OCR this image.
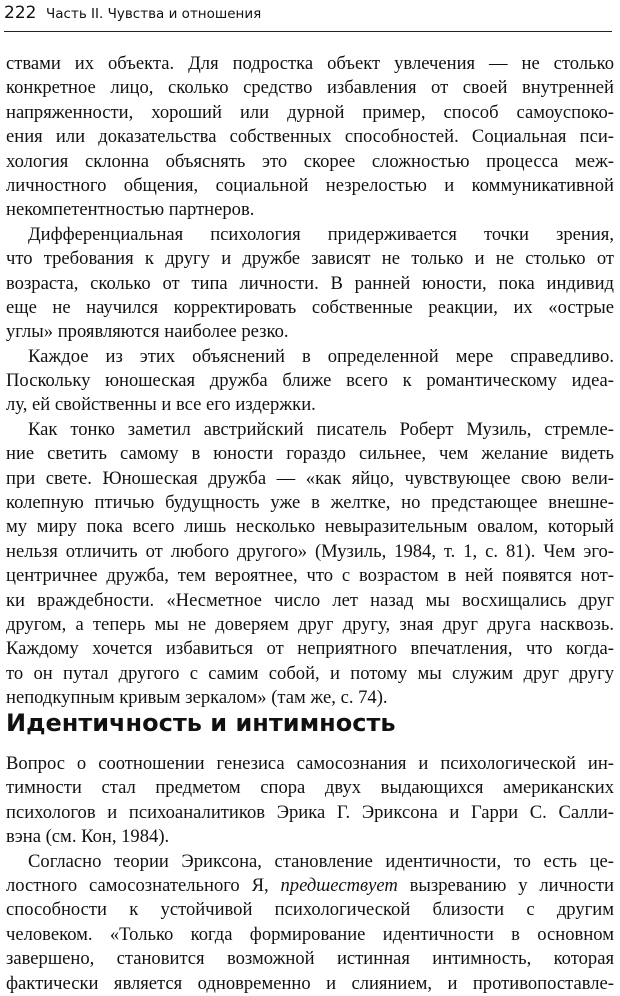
222 Часть II. Чувства и отношения
ствами их объекта. Для подростка объект увлечения — не столько
конкретное лицо, сколько средство избавления от своей внутренней
напряженности, хороший или дурной пример, способ самоуспоко-
ения или доказательства собственных способностей. Социальная пси-
хология склонна объяснять это скорее сложностью процесса меж-
личностного общения, социальной незрелостью и коммуникативной
некомпетентностью партнеров.
Дифференциальная психология придерживается точки зрения,
что требования к другу и дружбе зависят не только и не столько от
возраста, сколько от типа личности. В ранней юности, пока индивид
еще не научился корректировать собственные реакции, их «острые
углы» проявляются наиболее резко.
Каждое из этих объяснений в определенной мере справедливо.
Поскольку юношеская дружба ближе всего к романтическому идеа-
лу, ей свойственны и все его издержки.
Как тонко заметил австрийский писатель Роберт Музиль, стремле-
ние светить самому в юности гораздо сильнее, чем желание видеть
при свете. Юношеская дружба — «как яйцо, чувствующее свою вели-
колепную птичью будущность уже в желтке, но предстающее внешне-
му миру пока всего лишь несколько невыразительным овалом, который
нельзя отличить от любого другого» (Музиль, 1984, т. 1, с. 81). Чем эго-
центричнее дружба, тем вероятнее, что с возрастом в ней появятся нот-
ки враждебности. «Несметное число лет назад мы восхищались друг
другом, а теперь мы не доверяем друг другу, зная друг друга насквозь.
Каждому хочется избавиться от неприятного впечатления, что когда-
то он путал другого с самим собой, и потому мы служим друг другу
неподкупным кривым зеркалом» (там же, с. 74).
Идентичность и интимность
Вопрос о соотношении генезиса самосознания и психологической ин-
тимности стал предметом спора двух выдающихся американских
психологов и психоаналитиков Эрика Г. Эриксона и Гарри С. Салли-
вэна (см. Кон, 1984).
Согласно теории Эриксона, становление идентичности, то есть це-
лостного самосознательного Я, предшествует вызреванию у личности
способности к устойчивой психологической близости с другим
человеком. «Только когда формирование идентичности в основном
завершено, становится возможной истинная интимность, которая
фактически является одновременно и слиянием, и противопоставле-
